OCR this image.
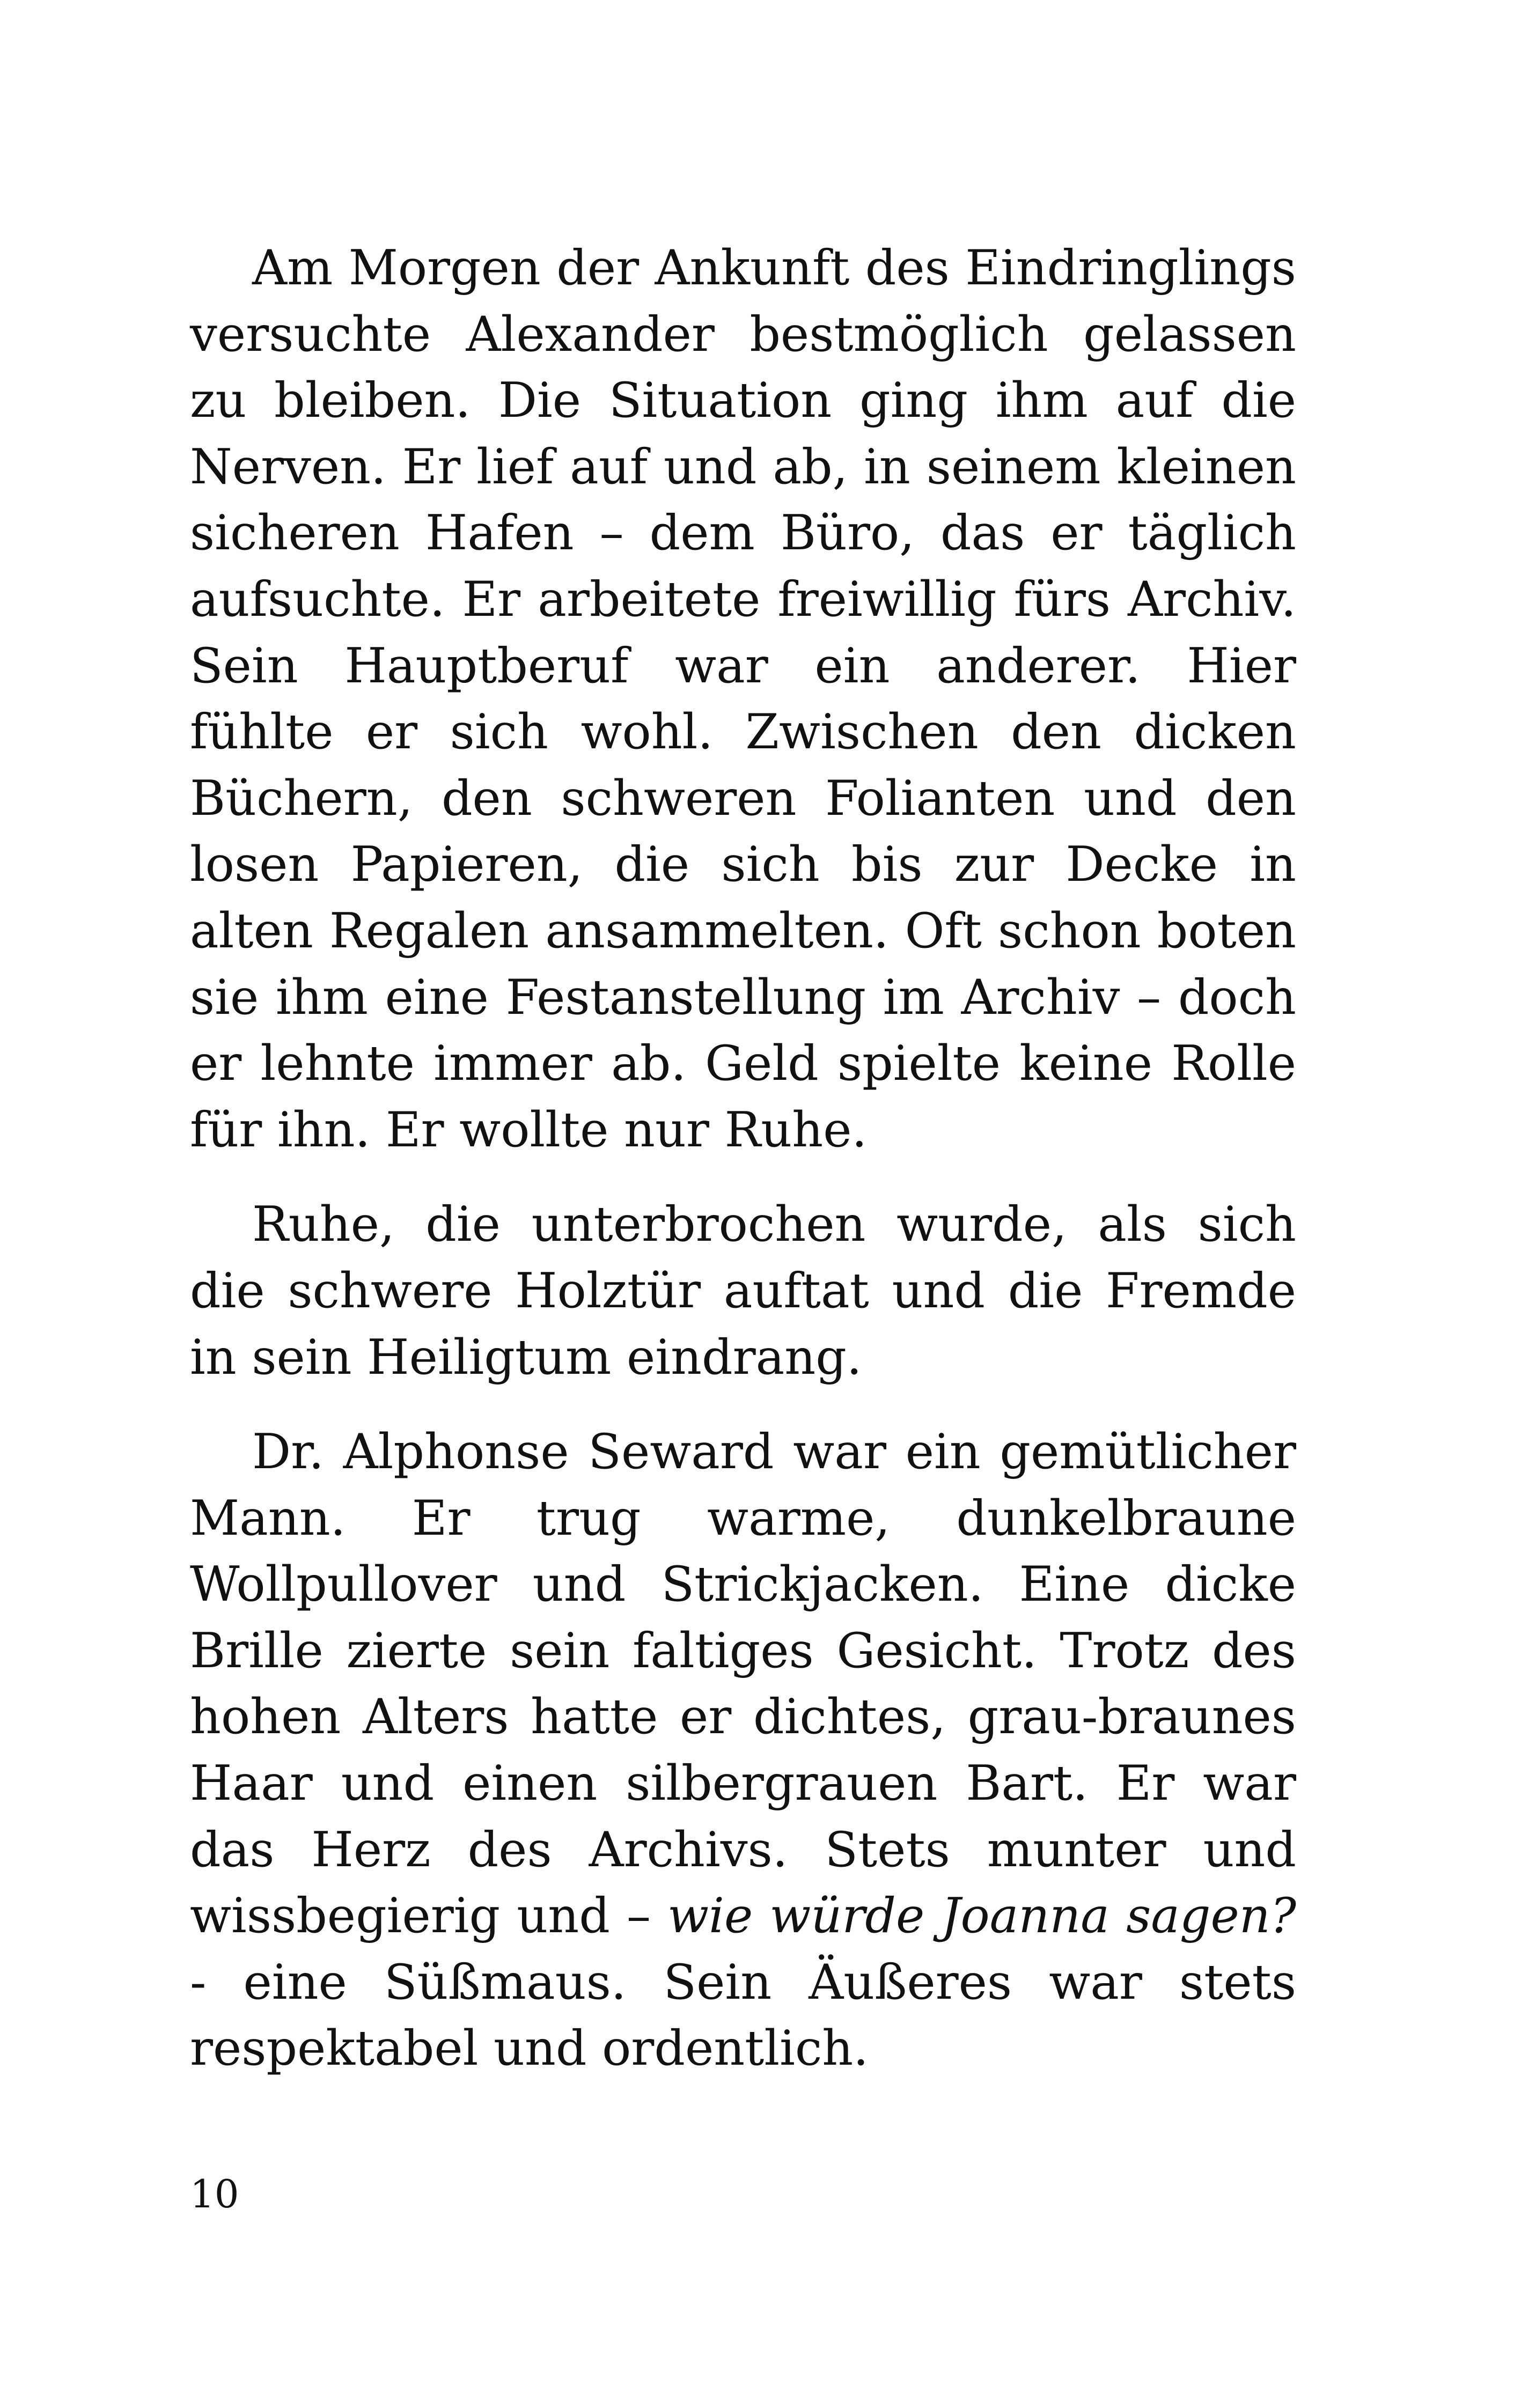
Am Morgen der Ankunft des Eindringlings versuchte Alexander bestmöglich gelassen zu bleiben. Die Situation ging ihm auf die Nerven. Er lief auf und ab, in seinem kleinen sicheren Hafen – dem Büro, das er täglich aufsuchte. Er arbeitete freiwillig fürs Archiv. Sein Hauptberuf war ein anderer. Hier fühlte er sich wohl. Zwischen den dicken Büchern, den schweren Folianten und den losen Papieren, die sich bis zur Decke in alten Regalen ansammelten. Oft schon boten sie ihm eine Festanstellung im Archiv – doch er lehnte immer ab. Geld spielte keine Rolle für ihn. Er wollte nur Ruhe.

Ruhe, die unterbrochen wurde, als sich die schwere Holztür auftat und die Fremde in sein Heiligtum eindrang.

Dr. Alphonse Seward war ein gemütlicher Mann. Er trug warme, dunkelbraune Wollpullover und Strickjacken. Eine dicke Brille zierte sein faltiges Gesicht. Trotz des hohen Alters hatte er dichtes, grau-braunes Haar und einen silbergrauen Bart. Er war das Herz des Archivs. Stets munter und wissbegierig und – wie würde Joanna sagen? - eine Süßmaus. Sein Äußeres war stets respektabel und ordentlich.

10
